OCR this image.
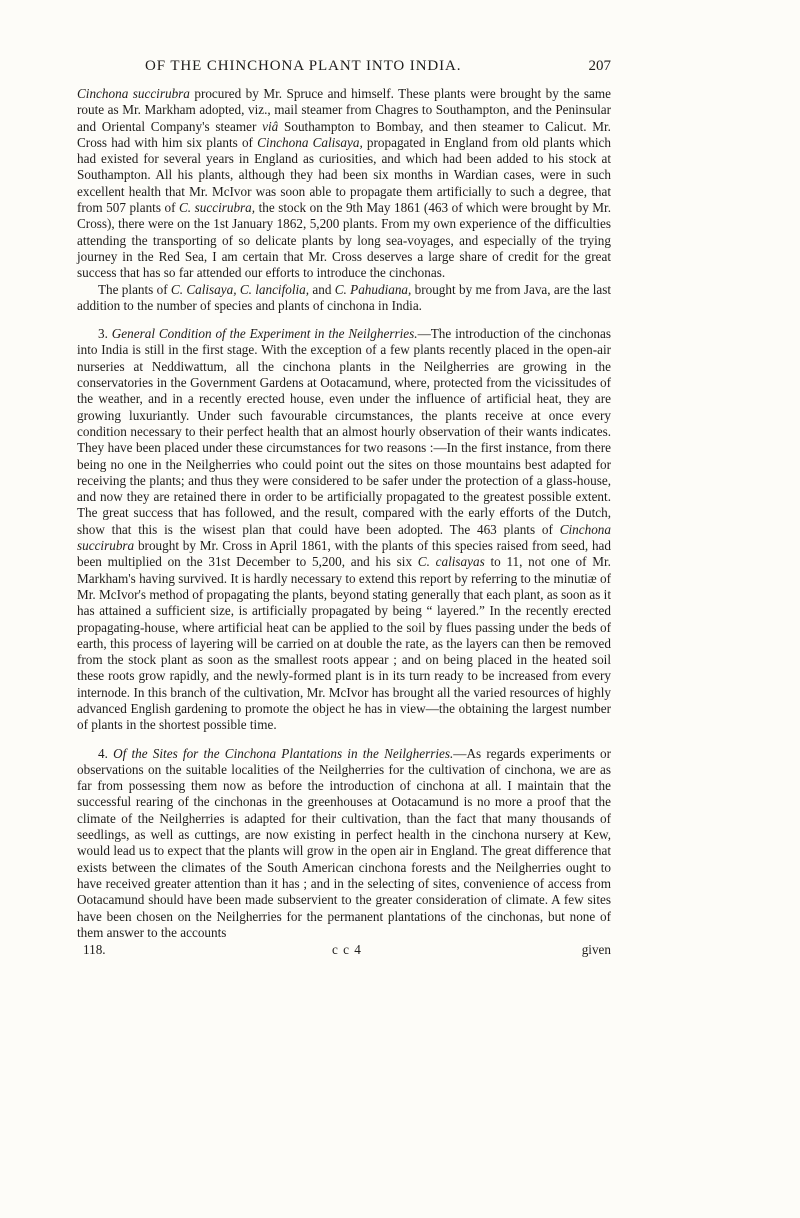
OF THE CHINCHONA PLANT INTO INDIA.	207

Cinchona succirubra procured by Mr. Spruce and himself. These plants were brought by the same route as Mr. Markham adopted, viz., mail steamer from Chagres to Southampton, and the Peninsular and Oriental Company's steamer viâ Southampton to Bombay, and then steamer to Calicut. Mr. Cross had with him six plants of Cinchona Calisaya, propagated in England from old plants which had existed for several years in England as curiosities, and which had been added to his stock at Southampton. All his plants, although they had been six months in Wardian cases, were in such excellent health that Mr. McIvor was soon able to propagate them artificially to such a degree, that from 507 plants of C. succirubra, the stock on the 9th May 1861 (463 of which were brought by Mr. Cross), there were on the 1st January 1862, 5,200 plants. From my own experience of the difficulties attending the transporting of so delicate plants by long sea-voyages, and especially of the trying journey in the Red Sea, I am certain that Mr. Cross deserves a large share of credit for the great success that has so far attended our efforts to introduce the cinchonas.

The plants of C. Calisaya, C. lancifolia, and C. Pahudiana, brought by me from Java, are the last addition to the number of species and plants of cinchona in India.

3. General Condition of the Experiment in the Neilgherries.—The introduction of the cinchonas into India is still in the first stage. With the exception of a few plants recently placed in the open-air nurseries at Neddiwattum, all the cinchona plants in the Neilgherries are growing in the conservatories in the Government Gardens at Ootacamund, where, protected from the vicissitudes of the weather, and in a recently erected house, even under the influence of artificial heat, they are growing luxuriantly. Under such favourable circumstances, the plants receive at once every condition necessary to their perfect health that an almost hourly observation of their wants indicates. They have been placed under these circumstances for two reasons :—In the first instance, from there being no one in the Neilgherries who could point out the sites on those mountains best adapted for receiving the plants; and thus they were considered to be safer under the protection of a glass-house, and now they are retained there in order to be artificially propagated to the greatest possible extent. The great success that has followed, and the result, compared with the early efforts of the Dutch, show that this is the wisest plan that could have been adopted. The 463 plants of Cinchona succirubra brought by Mr. Cross in April 1861, with the plants of this species raised from seed, had been multiplied on the 31st December to 5,200, and his six C. calisayas to 11, not one of Mr. Markham's having survived. It is hardly necessary to extend this report by referring to the minutiæ of Mr. McIvor's method of propagating the plants, beyond stating generally that each plant, as soon as it has attained a sufficient size, is artificially propagated by being “ layered.” In the recently erected propagating-house, where artificial heat can be applied to the soil by flues passing under the beds of earth, this process of layering will be carried on at double the rate, as the layers can then be removed from the stock plant as soon as the smallest roots appear ; and on being placed in the heated soil these roots grow rapidly, and the newly-formed plant is in its turn ready to be increased from every internode. In this branch of the cultivation, Mr. McIvor has brought all the varied resources of highly advanced English gardening to promote the object he has in view—the obtaining the largest number of plants in the shortest possible time.

4. Of the Sites for the Cinchona Plantations in the Neilgherries.—As regards experiments or observations on the suitable localities of the Neilgherries for the cultivation of cinchona, we are as far from possessing them now as before the introduction of cinchona at all. I maintain that the successful rearing of the cinchonas in the greenhouses at Ootacamund is no more a proof that the climate of the Neilgherries is adapted for their cultivation, than the fact that many thousands of seedlings, as well as cuttings, are now existing in perfect health in the cinchona nursery at Kew, would lead us to expect that the plants will grow in the open air in England. The great difference that exists between the climates of the South American cinchona forests and the Neilgherries ought to have received greater attention than it has ; and in the selecting of sites, convenience of access from Ootacamund should have been made subservient to the greater consideration of climate. A few sites have been chosen on the Neilgherries for the permanent plantations of the cinchonas, but none of them answer to the accounts

118.	c c 4	given
